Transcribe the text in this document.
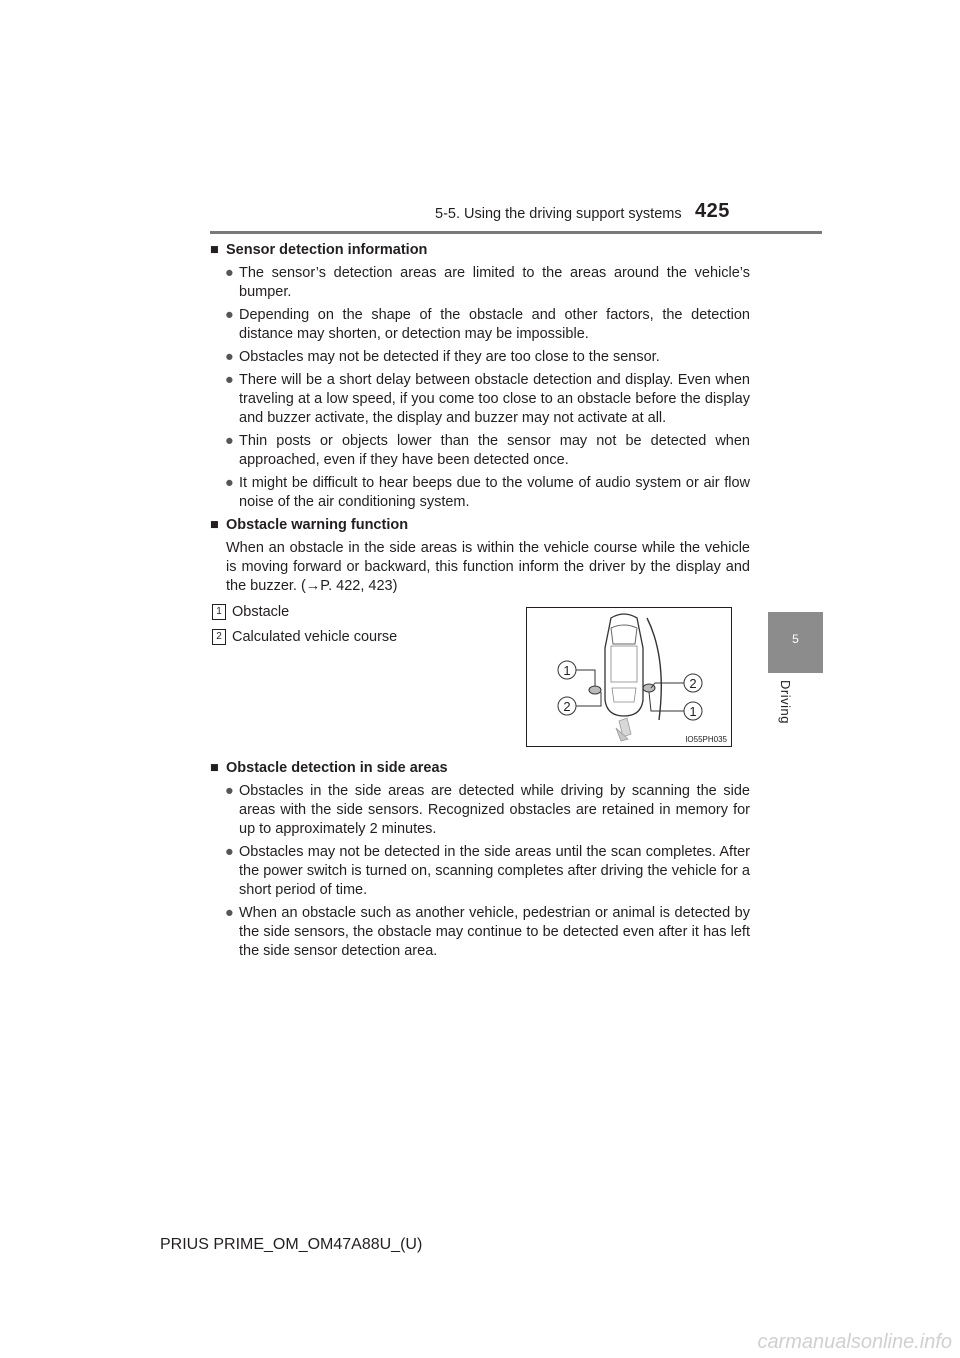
5-5. Using the driving support systems 425
5
Driving
■ Sensor detection information
● The sensor’s detection areas are limited to the areas around the vehicle’s bumper.
● Depending on the shape of the obstacle and other factors, the detection distance may shorten, or detection may be impossible.
● Obstacles may not be detected if they are too close to the sensor.
● There will be a short delay between obstacle detection and display. Even when traveling at a low speed, if you come too close to an obstacle before the display and buzzer activate, the display and buzzer may not activate at all.
● Thin posts or objects lower than the sensor may not be detected when approached, even if they have been detected once.
● It might be difficult to hear beeps due to the volume of audio system or air flow noise of the air conditioning system.
■ Obstacle warning function
When an obstacle in the side areas is within the vehicle course while the vehicle is moving forward or backward, this function inform the driver by the display and the buzzer. (→P. 422, 423)
1 Obstacle
2 Calculated vehicle course
1
2
2
1
IO55PH035
■ Obstacle detection in side areas
● Obstacles in the side areas are detected while driving by scanning the side areas with the side sensors. Recognized obstacles are retained in memory for up to approximately 2 minutes.
● Obstacles may not be detected in the side areas until the scan completes. After the power switch is turned on, scanning completes after driving the vehicle for a short period of time.
● When an obstacle such as another vehicle, pedestrian or animal is detected by the side sensors, the obstacle may continue to be detected even after it has left the side sensor detection area.
PRIUS PRIME_OM_OM47A88U_(U)
carmanualsonline.info
